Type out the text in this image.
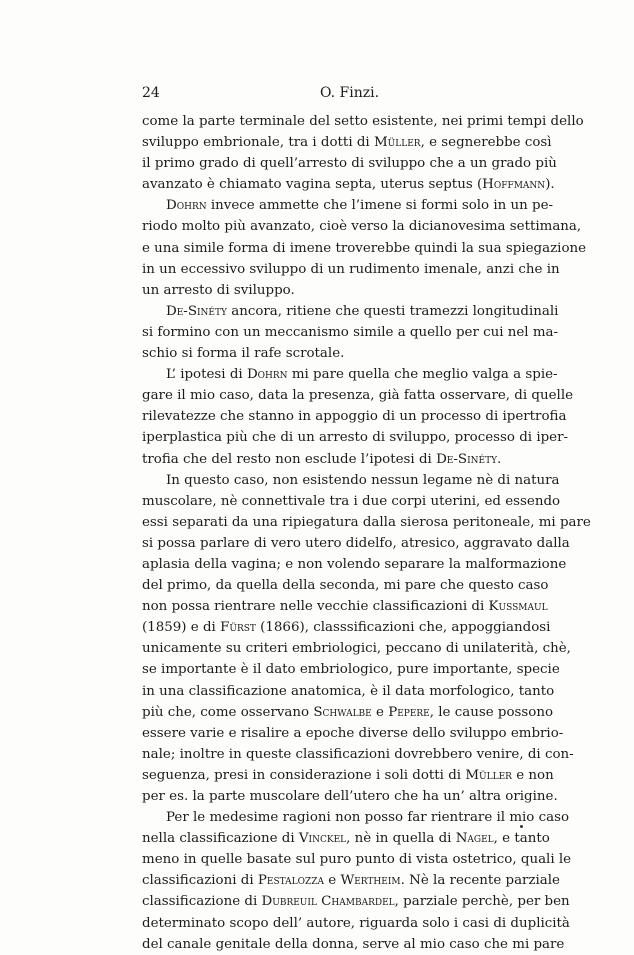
24	O. Finzi.
come la parte terminale del setto esistente, nei primi tempi dello
sviluppo embrionale, tra i dotti di Müller, e segnerebbe così
il primo grado di quell’arresto di sviluppo che a un grado più
avanzato è chiamato vagina septa, uterus septus (Hoffmann).
Dohrn invece ammette che l’imene si formi solo in un pe-
riodo molto più avanzato, cioè verso la dicianovesima settimana,
e una simile forma di imene troverebbe quindi la sua spiegazione
in un eccessivo sviluppo di un rudimento imenale, anzi che in
un arresto di sviluppo.
De-Sinéty ancora, ritiene che questi tramezzi longitudinali
si formino con un meccanismo simile a quello per cui nel ma-
schio si forma il rafe scrotale.
L’ ipotesi di Dohrn mi pare quella che meglio valga a spie-
gare il mio caso, data la presenza, già fatta osservare, di quelle
rilevatezze che stanno in appoggio di un processo di ipertrofia
iperplastica più che di un arresto di sviluppo, processo di iper-
trofia che del resto non esclude l’ipotesi di De-Sinéty.
In questo caso, non esistendo nessun legame nè di natura
muscolare, nè connettivale tra i due corpi uterini, ed essendo
essi separati da una ripiegatura dalla sierosa peritoneale, mi pare
si possa parlare di vero utero didelfo, atresico, aggravato dalla
aplasia della vagina; e non volendo separare la malformazione
del primo, da quella della seconda, mi pare che questo caso
non possa rientrare nelle vecchie classificazioni di Kussmaul
(1859) e di Fürst (1866), classsificazioni che, appoggiandosi
unicamente su criteri embriologici, peccano di unilaterità, chè,
se importante è il dato embriologico, pure importante, specie
in una classificazione anatomica, è il data morfologico, tanto
più che, come osservano Schwalbe e Pepere, le cause possono
essere varie e risalire a epoche diverse dello sviluppo embrio-
nale; inoltre in queste classificazioni dovrebbero venire, di con-
seguenza, presi in considerazione i soli dotti di Müller e non
per es. la parte muscolare dell’utero che ha un’ altra origine.
Per le medesime ragioni non posso far rientrare il mio caso
nella classificazione di Vinckel, nè in quella di Nagel, e tanto
meno in quelle basate sul puro punto di vista ostetrico, quali le
classificazioni di Pestalozza e Wertheim. Nè la recente parziale
classificazione di Dubreuil Chambardel, parziale perchè, per ben
determinato scopo dell’ autore, riguarda solo i casi di duplicità
del canale genitale della donna, serve al mio caso che mi pare
